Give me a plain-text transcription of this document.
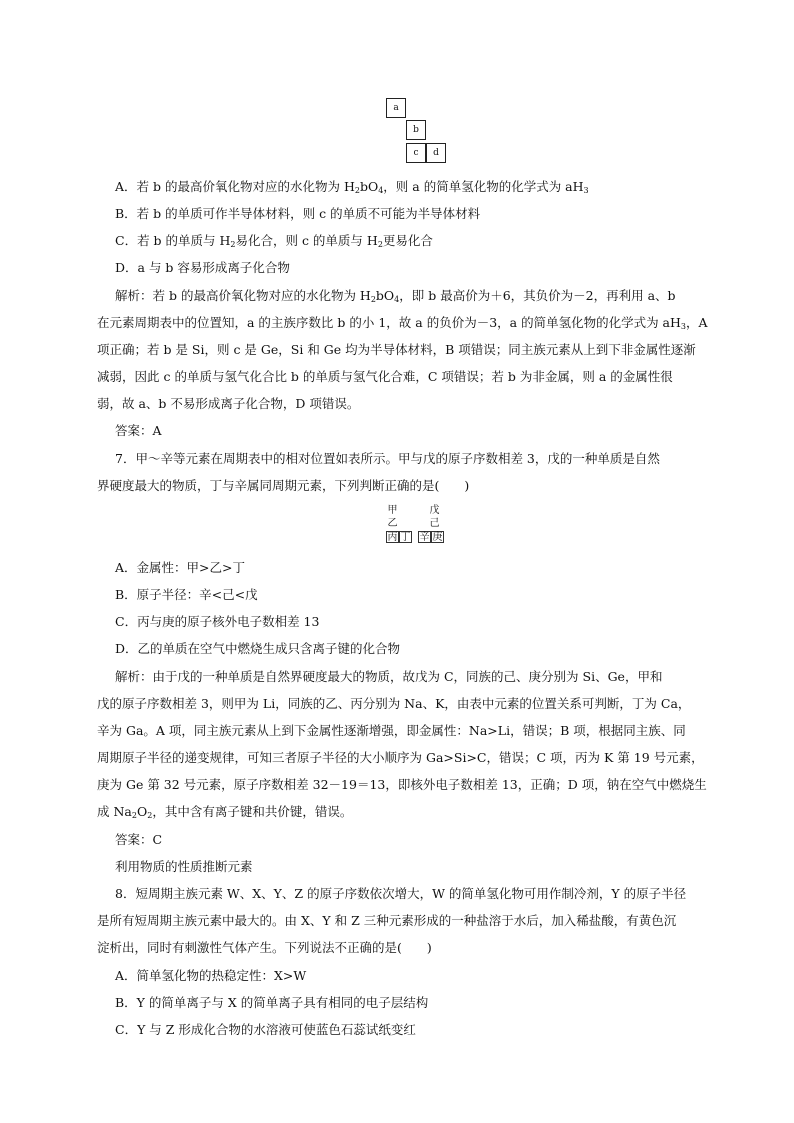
a
b
c	d
A．若 b 的最高价氧化物对应的水化物为 $H_2bO_4$，则 a 的简单氢化物的化学式为 $aH_3$
B．若 b 的单质可作半导体材料，则 c 的单质不可能为半导体材料
C．若 b 的单质与 $H_2$易化合，则 c 的单质与 $H_2$更易化合
D．a 与 b 容易形成离子化合物
解析：若 b 的最高价氧化物对应的水化物为 $H_2bO_4$，即 b 最高价为＋6，其负价为－2，再利用 a、b
在元素周期表中的位置知，a 的主族序数比 b 的小 1，故 a 的负价为－3，a 的简单氢化物的化学式为 $aH_3$，A
项正确；若 b 是 Si，则 c 是 Ge，Si 和 Ge 均为半导体材料，B 项错误；同主族元素从上到下非金属性逐渐
减弱，因此 c 的单质与氢气化合比 b 的单质与氢气化合难，C 项错误；若 b 为非金属，则 a 的金属性很
弱，故 a、b 不易形成离子化合物，D 项错误。
答案：A
7．甲～辛等元素在周期表中的相对位置如表所示。甲与戊的原子序数相差 3，戊的一种单质是自然
界硬度最大的物质，丁与辛属同周期元素，下列判断正确的是(　　)
甲	戊
乙	己
丙 丁 辛 庚
A．金属性：甲>乙>丁
B．原子半径：辛<己<戊
C．丙与庚的原子核外电子数相差 13
D．乙的单质在空气中燃烧生成只含离子键的化合物
解析：由于戊的一种单质是自然界硬度最大的物质，故戊为 C，同族的己、庚分别为 Si、Ge，甲和
戊的原子序数相差 3，则甲为 Li，同族的乙、丙分别为 Na、K，由表中元素的位置关系可判断，丁为 Ca，
辛为 Ga。A 项，同主族元素从上到下金属性逐渐增强，即金属性：Na>Li，错误；B 项，根据同主族、同
周期原子半径的递变规律，可知三者原子半径的大小顺序为 Ga>Si>C，错误；C 项，丙为 K 第 19 号元素，
庚为 Ge 第 32 号元素，原子序数相差 32－19＝13，即核外电子数相差 13，正确；D 项，钠在空气中燃烧生
成 $Na_2O_2$，其中含有离子键和共价键，错误。
答案：C
利用物质的性质推断元素
8．短周期主族元素 W、X、Y、Z 的原子序数依次增大，W 的简单氢化物可用作制冷剂，Y 的原子半径
是所有短周期主族元素中最大的。由 X、Y 和 Z 三种元素形成的一种盐溶于水后，加入稀盐酸，有黄色沉
淀析出，同时有刺激性气体产生。下列说法不正确的是(　　)
A．简单氢化物的热稳定性：X>W
B．Y 的简单离子与 X 的简单离子具有相同的电子层结构
C．Y 与 Z 形成化合物的水溶液可使蓝色石蕊试纸变红
